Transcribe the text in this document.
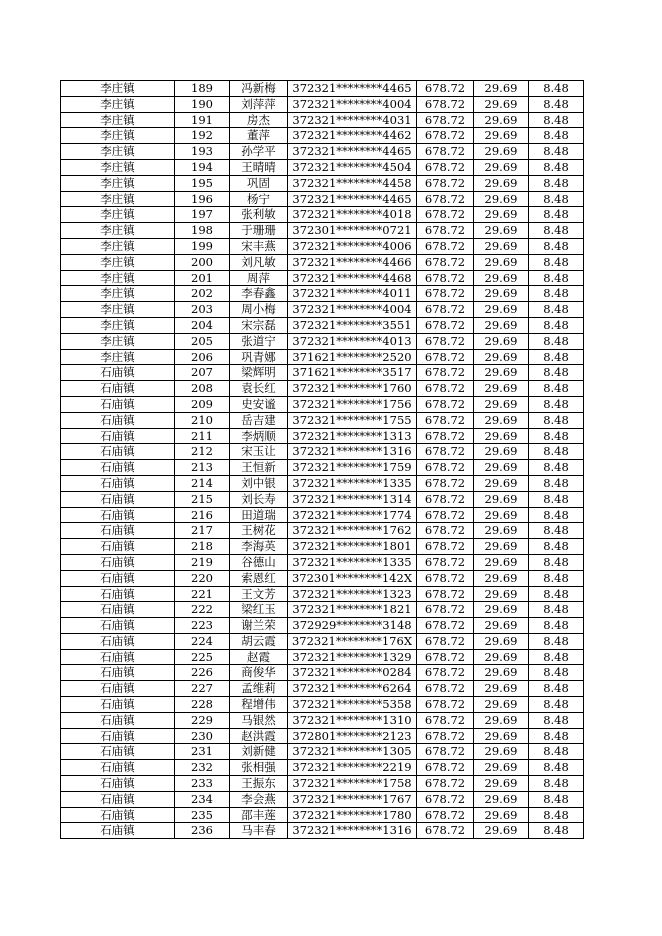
李庄镇	189	冯新梅	372321********4465	678.72	29.69	8.48
李庄镇	190	刘萍萍	372321********4004	678.72	29.69	8.48
李庄镇	191	房杰	372321********4031	678.72	29.69	8.48
李庄镇	192	董萍	372321********4462	678.72	29.69	8.48
李庄镇	193	孙学平	372321********4465	678.72	29.69	8.48
李庄镇	194	王晴晴	372321********4504	678.72	29.69	8.48
李庄镇	195	巩固	372321********4458	678.72	29.69	8.48
李庄镇	196	杨宁	372321********4465	678.72	29.69	8.48
李庄镇	197	张利敏	372321********4018	678.72	29.69	8.48
李庄镇	198	于珊珊	372301********0721	678.72	29.69	8.48
李庄镇	199	宋丰燕	372321********4006	678.72	29.69	8.48
李庄镇	200	刘凡敏	372321********4466	678.72	29.69	8.48
李庄镇	201	周萍	372321********4468	678.72	29.69	8.48
李庄镇	202	李春鑫	372321********4011	678.72	29.69	8.48
李庄镇	203	周小梅	372321********4004	678.72	29.69	8.48
李庄镇	204	宋宗磊	372321********3551	678.72	29.69	8.48
李庄镇	205	张道宁	372321********4013	678.72	29.69	8.48
李庄镇	206	巩青娜	371621********2520	678.72	29.69	8.48
石庙镇	207	梁辉明	371621********3517	678.72	29.69	8.48
石庙镇	208	袁长红	372321********1760	678.72	29.69	8.48
石庙镇	209	史安谧	372321********1756	678.72	29.69	8.48
石庙镇	210	岳吉建	372321********1755	678.72	29.69	8.48
石庙镇	211	李炳顺	372321********1313	678.72	29.69	8.48
石庙镇	212	宋玉让	372321********1316	678.72	29.69	8.48
石庙镇	213	王恒新	372321********1759	678.72	29.69	8.48
石庙镇	214	刘中银	372321********1335	678.72	29.69	8.48
石庙镇	215	刘长寿	372321********1314	678.72	29.69	8.48
石庙镇	216	田道瑞	372321********1774	678.72	29.69	8.48
石庙镇	217	王树花	372321********1762	678.72	29.69	8.48
石庙镇	218	李海英	372321********1801	678.72	29.69	8.48
石庙镇	219	谷德山	372321********1335	678.72	29.69	8.48
石庙镇	220	索恩红	372301********142X	678.72	29.69	8.48
石庙镇	221	王文芳	372321********1323	678.72	29.69	8.48
石庙镇	222	梁红玉	372321********1821	678.72	29.69	8.48
石庙镇	223	谢兰荣	372929********3148	678.72	29.69	8.48
石庙镇	224	胡云霞	372321********176X	678.72	29.69	8.48
石庙镇	225	赵霞	372321********1329	678.72	29.69	8.48
石庙镇	226	商俊华	372321********0284	678.72	29.69	8.48
石庙镇	227	孟维莉	372321********6264	678.72	29.69	8.48
石庙镇	228	程增伟	372321********5358	678.72	29.69	8.48
石庙镇	229	马银然	372321********1310	678.72	29.69	8.48
石庙镇	230	赵洪霞	372801********2123	678.72	29.69	8.48
石庙镇	231	刘新健	372321********1305	678.72	29.69	8.48
石庙镇	232	张相强	372321********2219	678.72	29.69	8.48
石庙镇	233	王振东	372321********1758	678.72	29.69	8.48
石庙镇	234	李会燕	372321********1767	678.72	29.69	8.48
石庙镇	235	邵丰莲	372321********1780	678.72	29.69	8.48
石庙镇	236	马丰春	372321********1316	678.72	29.69	8.48
